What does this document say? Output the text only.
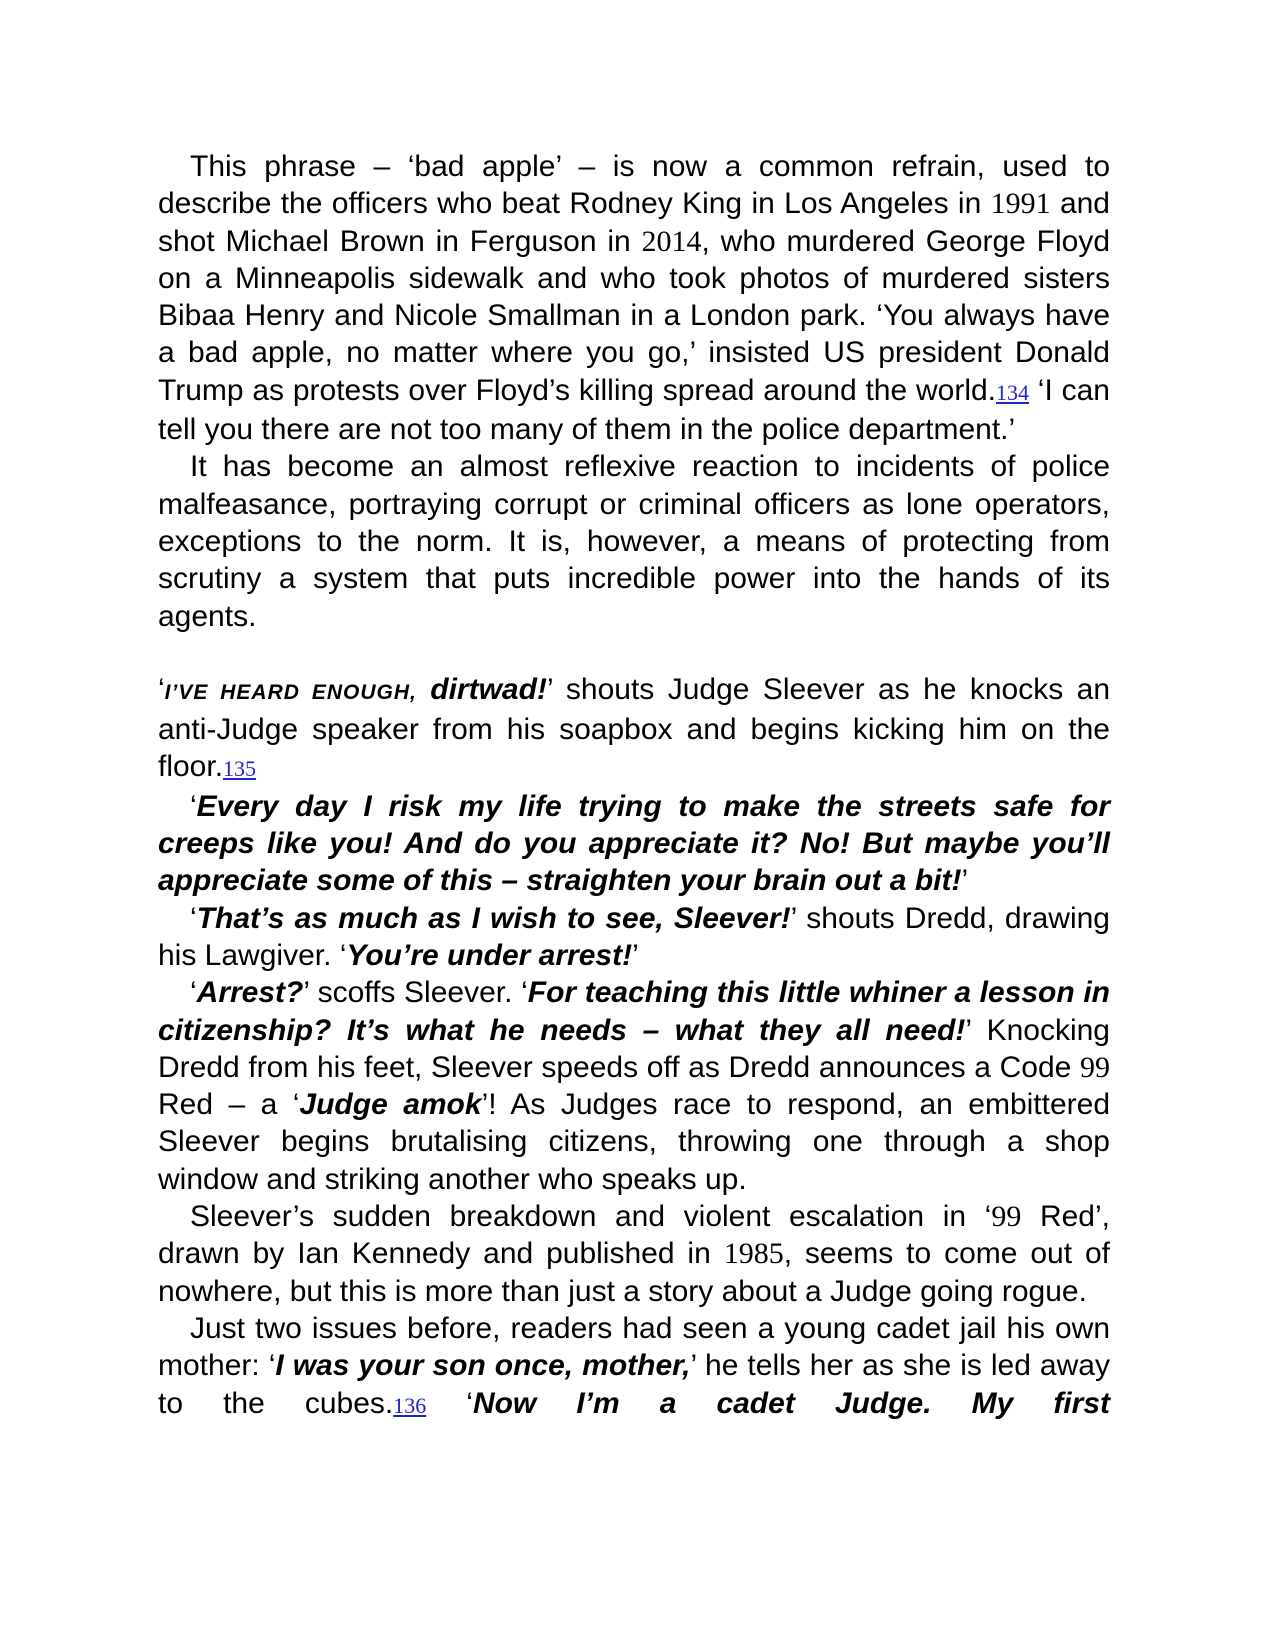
This phrase – ‘bad apple’ – is now a common refrain, used to describe the officers who beat Rodney King in Los Angeles in 1991 and shot Michael Brown in Ferguson in 2014, who murdered George Floyd on a Minneapolis sidewalk and who took photos of murdered sisters Bibaa Henry and Nicole Smallman in a London park. ‘You always have a bad apple, no matter where you go,’ insisted US president Donald Trump as protests over Floyd’s killing spread around the world.134 ‘I can tell you there are not too many of them in the police department.’

It has become an almost reflexive reaction to incidents of police malfeasance, portraying corrupt or criminal officers as lone operators, exceptions to the norm. It is, however, a means of protecting from scrutiny a system that puts incredible power into the hands of its agents.

‘I’VE HEARD ENOUGH, dirtwad!’ shouts Judge Sleever as he knocks an anti-Judge speaker from his soapbox and begins kicking him on the floor.135

‘Every day I risk my life trying to make the streets safe for creeps like you! And do you appreciate it? No! But maybe you’ll appreciate some of this – straighten your brain out a bit!’

‘That’s as much as I wish to see, Sleever!’ shouts Dredd, drawing his Lawgiver. ‘You’re under arrest!’

‘Arrest?’ scoffs Sleever. ‘For teaching this little whiner a lesson in citizenship? It’s what he needs – what they all need!’ Knocking Dredd from his feet, Sleever speeds off as Dredd announces a Code 99 Red – a ‘Judge amok’! As Judges race to respond, an embittered Sleever begins brutalising citizens, throwing one through a shop window and striking another who speaks up.

Sleever’s sudden breakdown and violent escalation in ‘99 Red’, drawn by Ian Kennedy and published in 1985, seems to come out of nowhere, but this is more than just a story about a Judge going rogue.

Just two issues before, readers had seen a young cadet jail his own mother: ‘I was your son once, mother,’ he tells her as she is led away to the cubes.136 ‘Now I’m a cadet Judge. My first
